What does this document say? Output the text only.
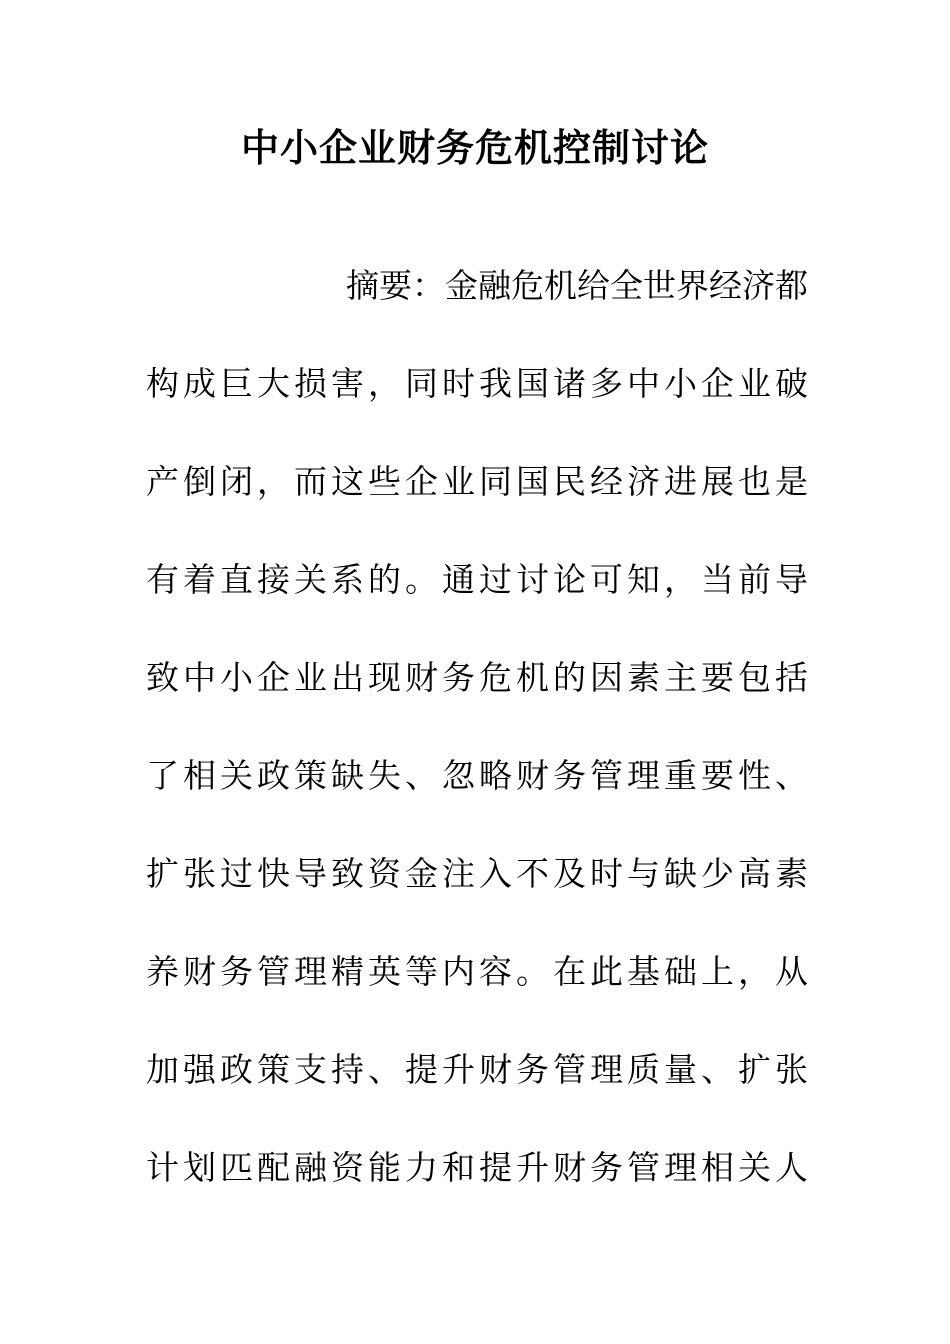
中小企业财务危机控制讨论
摘要：金融危机给全世界经济都
构成巨大损害，同时我国诸多中小企业破
产倒闭，而这些企业同国民经济进展也是
有着直接关系的。通过讨论可知，当前导
致中小企业出现财务危机的因素主要包括
了相关政策缺失、忽略财务管理重要性、
扩张过快导致资金注入不及时与缺少高素
养财务管理精英等内容。在此基础上，从
加强政策支持、提升财务管理质量、扩张
计划匹配融资能力和提升财务管理相关人
